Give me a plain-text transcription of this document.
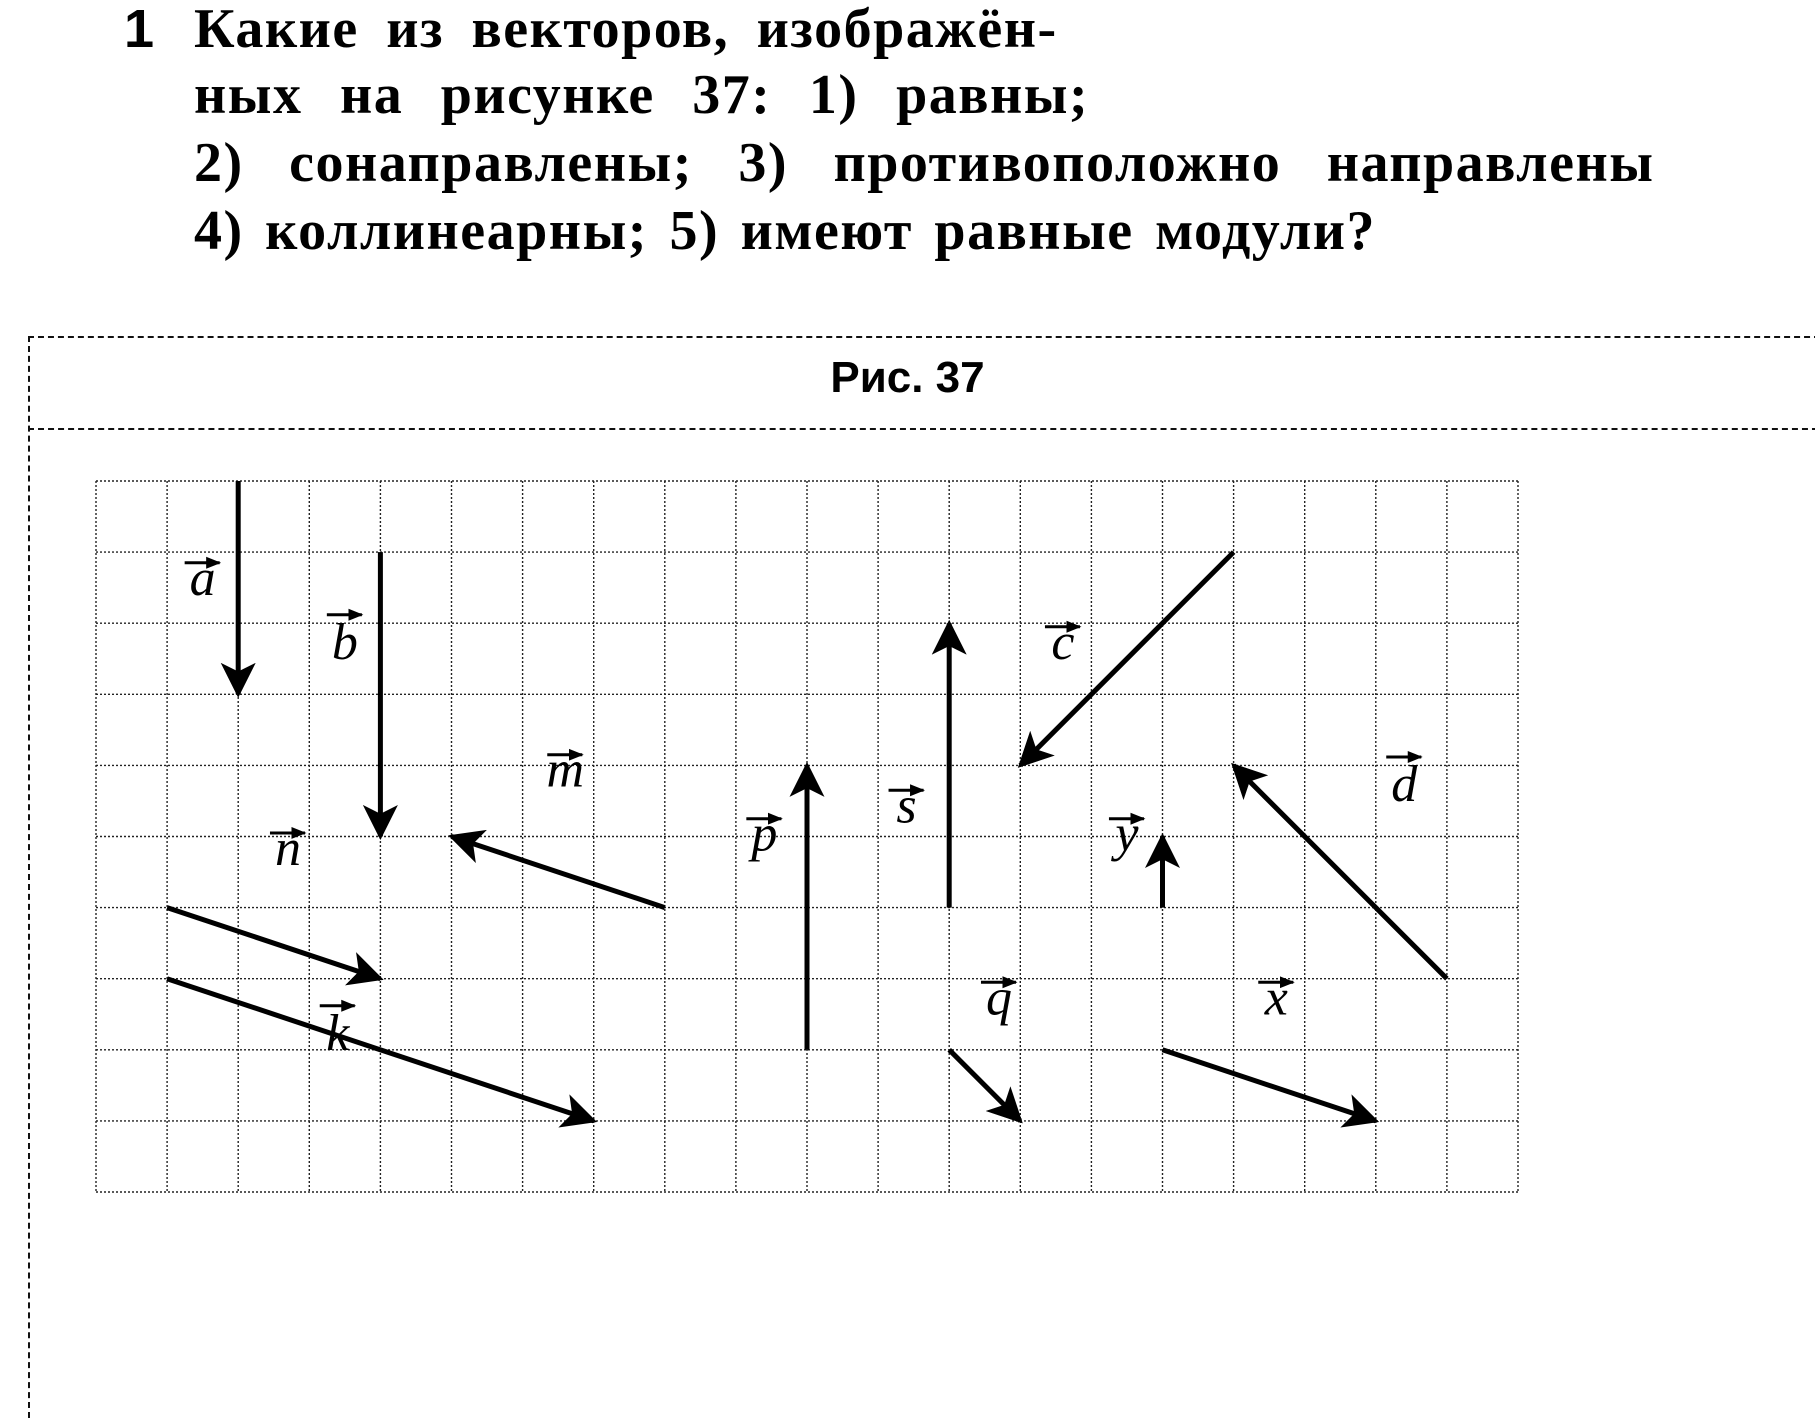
1 Какие из векторов, изображён-
ных на рисунке 37: 1) равны;
2) сонаправлены; 3) противоположно направлены
4) коллинеарны; 5) имеют равные модули?
Рис. 37
a
b
m
n
k
p s
c
y
d
q	x
